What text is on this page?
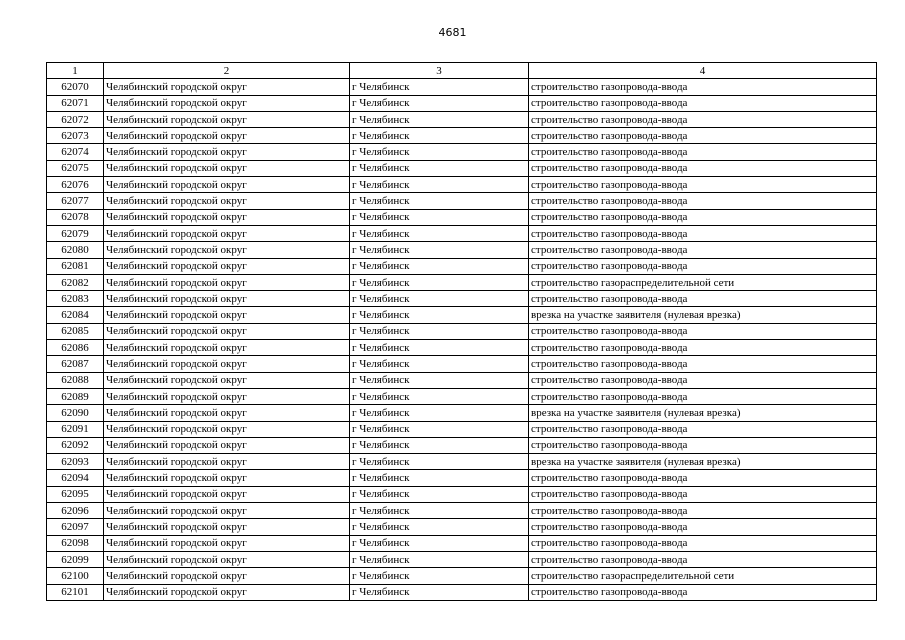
4681
1	2	3	4
62070	Челябинский городской округ	г Челябинск	строительство газопровода-ввода
62071	Челябинский городской округ	г Челябинск	строительство газопровода-ввода
62072	Челябинский городской округ	г Челябинск	строительство газопровода-ввода
62073	Челябинский городской округ	г Челябинск	строительство газопровода-ввода
62074	Челябинский городской округ	г Челябинск	строительство газопровода-ввода
62075	Челябинский городской округ	г Челябинск	строительство газопровода-ввода
62076	Челябинский городской округ	г Челябинск	строительство газопровода-ввода
62077	Челябинский городской округ	г Челябинск	строительство газопровода-ввода
62078	Челябинский городской округ	г Челябинск	строительство газопровода-ввода
62079	Челябинский городской округ	г Челябинск	строительство газопровода-ввода
62080	Челябинский городской округ	г Челябинск	строительство газопровода-ввода
62081	Челябинский городской округ	г Челябинск	строительство газопровода-ввода
62082	Челябинский городской округ	г Челябинск	строительство газораспределительной сети
62083	Челябинский городской округ	г Челябинск	строительство газопровода-ввода
62084	Челябинский городской округ	г Челябинск	врезка на участке заявителя (нулевая врезка)
62085	Челябинский городской округ	г Челябинск	строительство газопровода-ввода
62086	Челябинский городской округ	г Челябинск	строительство газопровода-ввода
62087	Челябинский городской округ	г Челябинск	строительство газопровода-ввода
62088	Челябинский городской округ	г Челябинск	строительство газопровода-ввода
62089	Челябинский городской округ	г Челябинск	строительство газопровода-ввода
62090	Челябинский городской округ	г Челябинск	врезка на участке заявителя (нулевая врезка)
62091	Челябинский городской округ	г Челябинск	строительство газопровода-ввода
62092	Челябинский городской округ	г Челябинск	строительство газопровода-ввода
62093	Челябинский городской округ	г Челябинск	врезка на участке заявителя (нулевая врезка)
62094	Челябинский городской округ	г Челябинск	строительство газопровода-ввода
62095	Челябинский городской округ	г Челябинск	строительство газопровода-ввода
62096	Челябинский городской округ	г Челябинск	строительство газопровода-ввода
62097	Челябинский городской округ	г Челябинск	строительство газопровода-ввода
62098	Челябинский городской округ	г Челябинск	строительство газопровода-ввода
62099	Челябинский городской округ	г Челябинск	строительство газопровода-ввода
62100	Челябинский городской округ	г Челябинск	строительство газораспределительной сети
62101	Челябинский городской округ	г Челябинск	строительство газопровода-ввода
